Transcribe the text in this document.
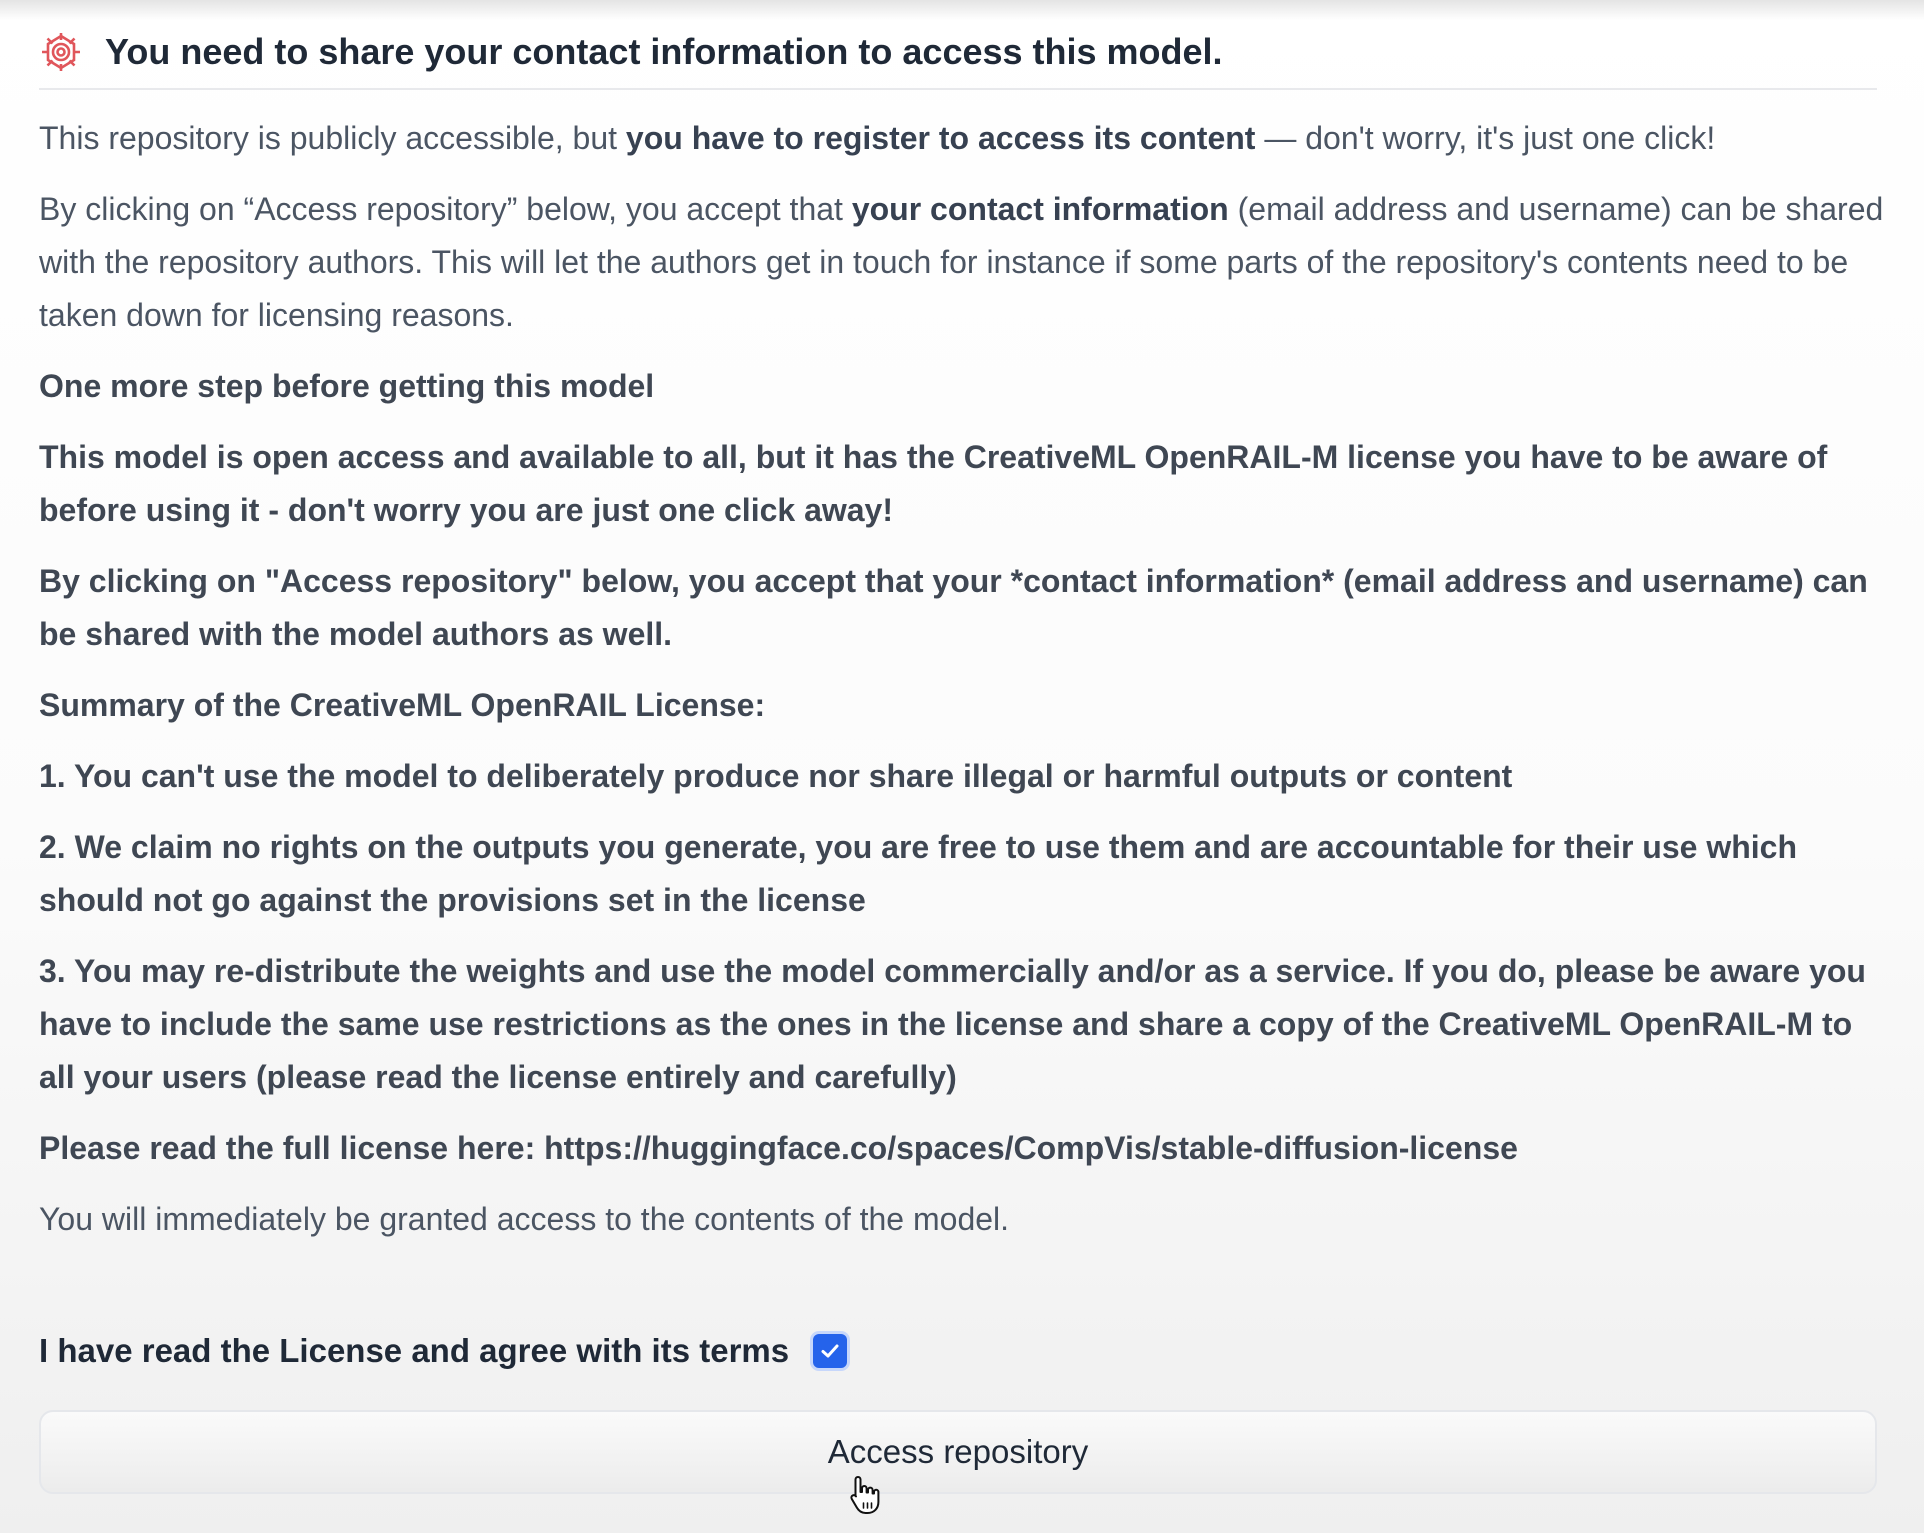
You need to share your contact information to access this model.

This repository is publicly accessible, but you have to register to access its content — don't worry, it's just one click!

By clicking on “Access repository” below, you accept that your contact information (email address and username) can be shared with the repository authors. This will let the authors get in touch for instance if some parts of the repository's contents need to be taken down for licensing reasons.

One more step before getting this model

This model is open access and available to all, but it has the CreativeML OpenRAIL-M license you have to be aware of before using it - don't worry you are just one click away!

By clicking on "Access repository" below, you accept that your *contact information* (email address and username) can be shared with the model authors as well.

Summary of the CreativeML OpenRAIL License:

1. You can't use the model to deliberately produce nor share illegal or harmful outputs or content

2. We claim no rights on the outputs you generate, you are free to use them and are accountable for their use which should not go against the provisions set in the license

3. You may re-distribute the weights and use the model commercially and/or as a service. If you do, please be aware you have to include the same use restrictions as the ones in the license and share a copy of the CreativeML OpenRAIL-M to all your users (please read the license entirely and carefully)

Please read the full license here: https://huggingface.co/spaces/CompVis/stable-diffusion-license

You will immediately be granted access to the contents of the model.

I have read the License and agree with its terms
Access repository
